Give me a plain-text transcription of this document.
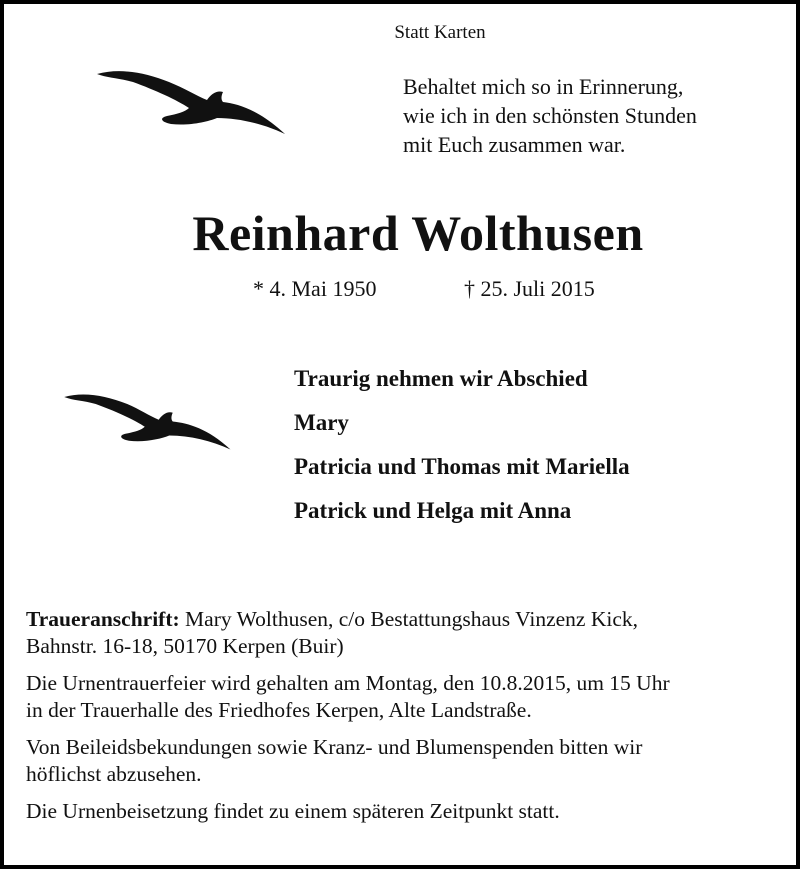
Statt Karten
Behaltet mich so in Erinnerung,
wie ich in den schönsten Stunden
mit Euch zusammen war.
Reinhard Wolthusen
* 4. Mai 1950	† 25. Juli 2015
Traurig nehmen wir Abschied
Mary
Patricia und Thomas mit Mariella
Patrick und Helga mit Anna

Traueranschrift: Mary Wolthusen, c/o Bestattungshaus Vinzenz Kick,
Bahnstr. 16-18, 50170 Kerpen (Buir)

Die Urnentrauerfeier wird gehalten am Montag, den 10.8.2015, um 15 Uhr
in der Trauerhalle des Friedhofes Kerpen, Alte Landstraße.

Von Beileidsbekundungen sowie Kranz- und Blumenspenden bitten wir
höflichst abzusehen.

Die Urnenbeisetzung findet zu einem späteren Zeitpunkt statt.
